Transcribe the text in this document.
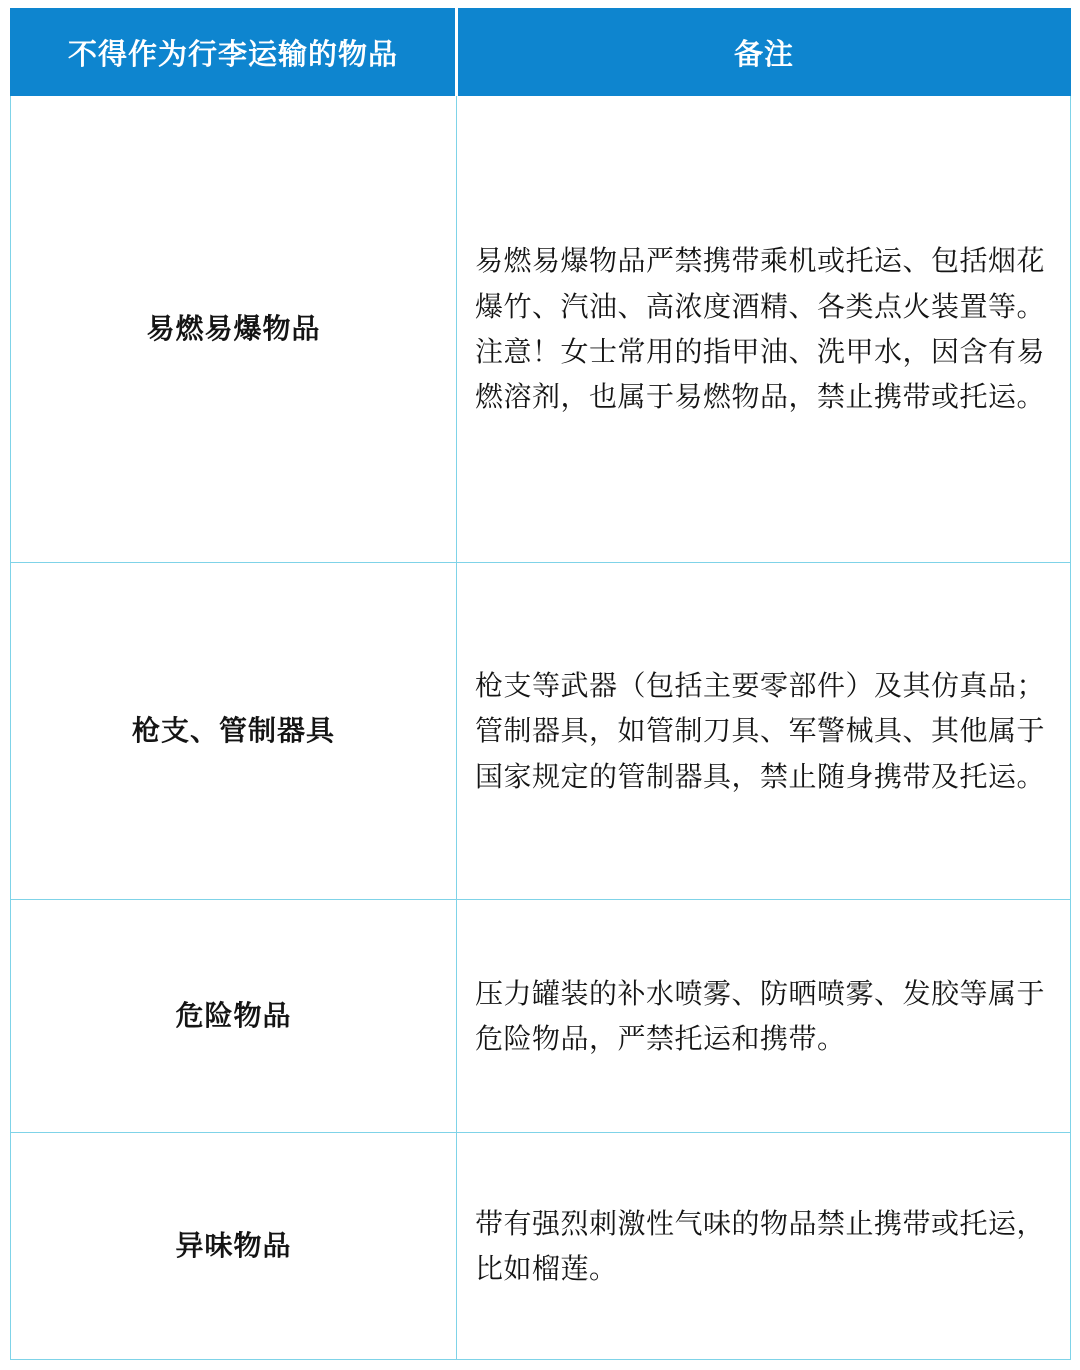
不得作为行李运输的物品	备注
易燃易爆物品	易燃易爆物品严禁携带乘机或托运、包括烟花爆竹、汽油、高浓度酒精、各类点火装置等。

注意！女士常用的指甲油、洗甲水，因含有易燃溶剂，也属于易燃物品，禁止携带或托运。

枪支、管制器具	枪支等武器（包括主要零部件）及其仿真品；管制器具，如管制刀具、军警械具、其他属于国家规定的管制器具，禁止随身携带及托运。

危险物品	压力罐装的补水喷雾、防晒喷雾、发胶等属于危险物品，严禁托运和携带。

异味物品	带有强烈刺激性气味的物品禁止携带或托运，比如榴莲。
